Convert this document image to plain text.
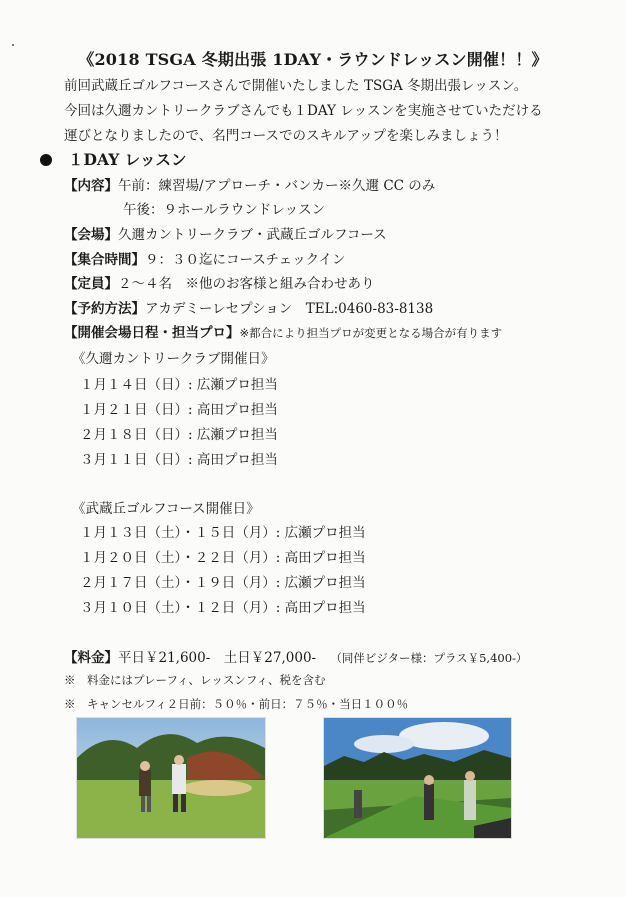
《2018 TSGA 冬期出張 1DAY・ラウンドレッスン開催！！》
前回武蔵丘ゴルフコースさんで開催いたしました TSGA 冬期出張レッスン。
今回は久邇カントリークラブさんでも１DAY レッスンを実施させていただける
運びとなりましたので、名門コースでのスキルアップを楽しみましょう！
１DAY レッスン
【内容】午前：練習場/アプローチ・バンカー※久邇 CC のみ
午後：９ホールラウンドレッスン
【会場】久邇カントリークラブ・武蔵丘ゴルフコース
【集合時間】９：３０迄にコースチェックイン
【定員】２～４名　※他のお客様と組み合わせあり
【予約方法】アカデミーレセプション　TEL:0460-83-8138
【開催会場日程・担当プロ】※都合により担当プロが変更となる場合が有ります
《久邇カントリークラブ開催日》
１月１４日（日）: 広瀬プロ担当
１月２１日（日）: 高田プロ担当
２月１８日（日）: 広瀬プロ担当
３月１１日（日）: 高田プロ担当
《武蔵丘ゴルフコース開催日》
１月１３日（土）・１５日（月）: 広瀬プロ担当
１月２０日（土）・２２日（月）: 高田プロ担当
２月１７日（土）・１９日（月）: 広瀬プロ担当
３月１０日（土）・１２日（月）: 高田プロ担当
【料金】平日￥21,600-　土日￥27,000- （同伴ビジター様：プラス￥5,400-）
※　料金にはプレーフィ、レッスンフィ、税を含む
※　キャンセルフィ２日前：５０％・前日：７５％・当日１００％
